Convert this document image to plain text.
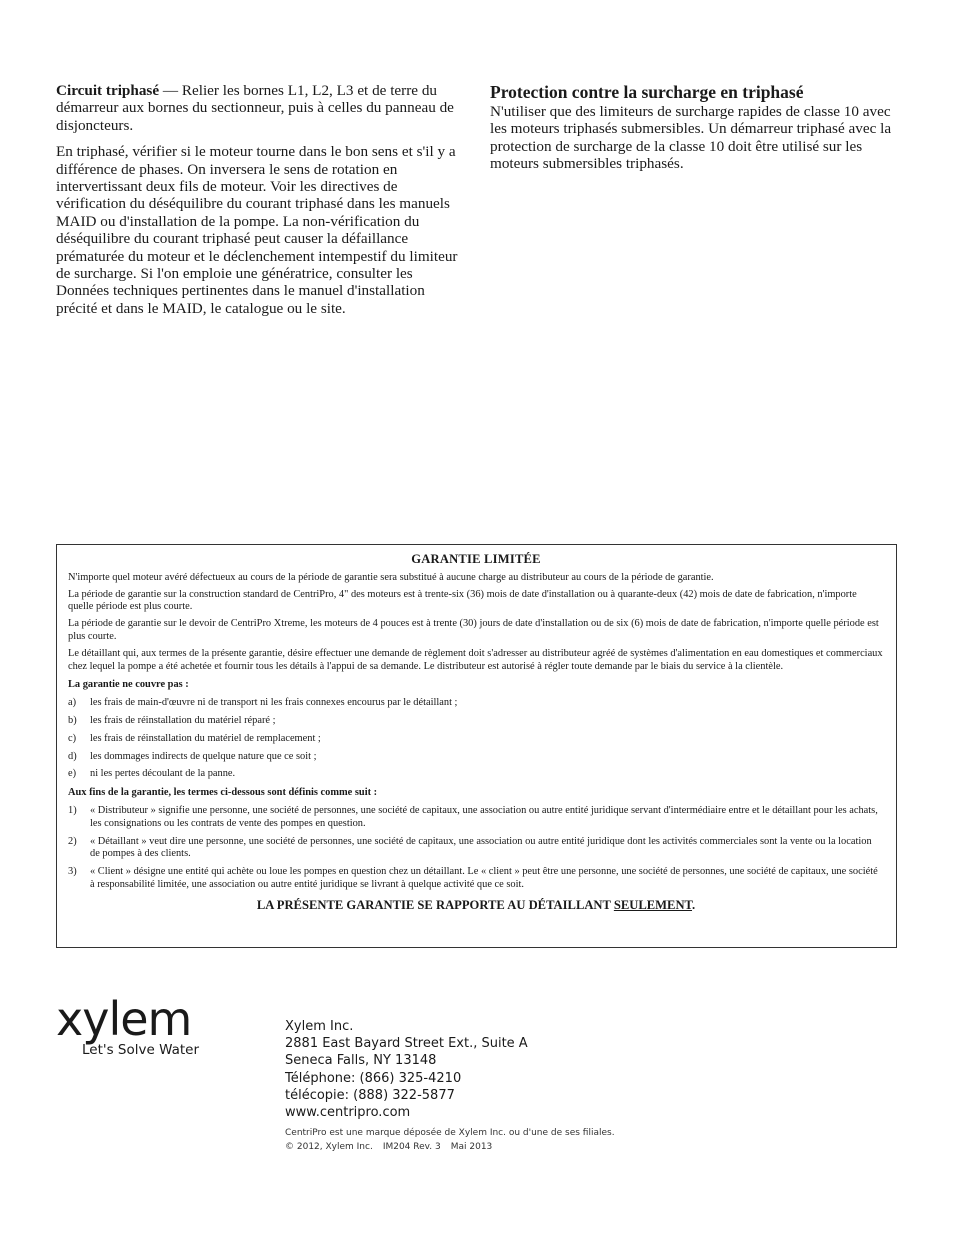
Circuit triphasé — Relier les bornes L1, L2, L3 et de terre du démarreur aux bornes du sectionneur, puis à celles du panneau de disjoncteurs.

En triphasé, vérifier si le moteur tourne dans le bon sens et s'il y a différence de phases. On inversera le sens de rotation en intervertissant deux fils de moteur. Voir les directives de vérification du déséquilibre du courant triphasé dans les manuels MAID ou d'installation de la pompe. La non-vérification du déséquilibre du courant triphasé peut causer la défaillance prématurée du moteur et le déclenchement intempestif du limiteur de surcharge. Si l'on emploie une génératrice, consulter les Données techniques pertinentes dans le manuel d'installation précité et dans le MAID, le catalogue ou le site.

Protection contre la surcharge en triphasé

N'utiliser que des limiteurs de surcharge rapides de classe 10 avec les moteurs triphasés submersibles. Un démarreur triphasé avec la protection de surcharge de la classe 10 doit être utilisé sur les moteurs submersibles triphasés.

GARANTIE LIMITÉE

N'importe quel moteur avéré défectueux au cours de la période de garantie sera substitué à aucune charge au distributeur au cours de la période de garantie.

La période de garantie sur la construction standard de CentriPro, 4" des moteurs est à trente-six (36) mois de date d'installation ou à quarante-deux (42) mois de date de fabrication, n'importe quelle période est plus courte.

La période de garantie sur le devoir de CentriPro Xtreme, les moteurs de 4 pouces est à trente (30) jours de date d'installation ou de six (6) mois de date de fabrication, n'importe quelle période est plus courte.

Le détaillant qui, aux termes de la présente garantie, désire effectuer une demande de règlement doit s'adresser au distributeur agréé de systèmes d'alimentation en eau domestiques et commerciaux chez lequel la pompe a été achetée et fournir tous les détails à l'appui de sa demande. Le distributeur est autorisé à régler toute demande par le biais du service à la clientèle.

La garantie ne couvre pas :
a)	les frais de main-d'œuvre ni de transport ni les frais connexes encourus par le détaillant ;
b)	les frais de réinstallation du matériel réparé ;
c)	les frais de réinstallation du matériel de remplacement ;
d)	les dommages indirects de quelque nature que ce soit ;
e)	ni les pertes découlant de la panne.
Aux fins de la garantie, les termes ci-dessous sont définis comme suit :
1)	« Distributeur » signifie une personne, une société de personnes, une société de capitaux, une association ou autre entité juridique servant d'intermédiaire entre et le détaillant pour les achats, les consignations ou les contrats de vente des pompes en question.
2)	« Détaillant » veut dire une personne, une société de personnes, une société de capitaux, une association ou autre entité juridique dont les activités commerciales sont la vente ou la location de pompes à des clients.
3)	« Client » désigne une entité qui achète ou loue les pompes en question chez un détaillant. Le « client » peut être une personne, une société de personnes, une société de capitaux, une société à responsabilité limitée, une association ou autre entité juridique se livrant à quelque activité que ce soit.
LA PRÉSENTE GARANTIE SE RAPPORTE AU DÉTAILLANT SEULEMENT.
xylem
Let's Solve Water
Xylem Inc.
2881 East Bayard Street Ext., Suite A
Seneca Falls, NY 13148
Téléphone: (866) 325-4210
télécopie: (888) 322-5877
www.centripro.com
CentriPro est une marque déposée de Xylem Inc. ou d'une de ses filiales.
© 2012, Xylem Inc. IM204 Rev. 3 Mai 2013
